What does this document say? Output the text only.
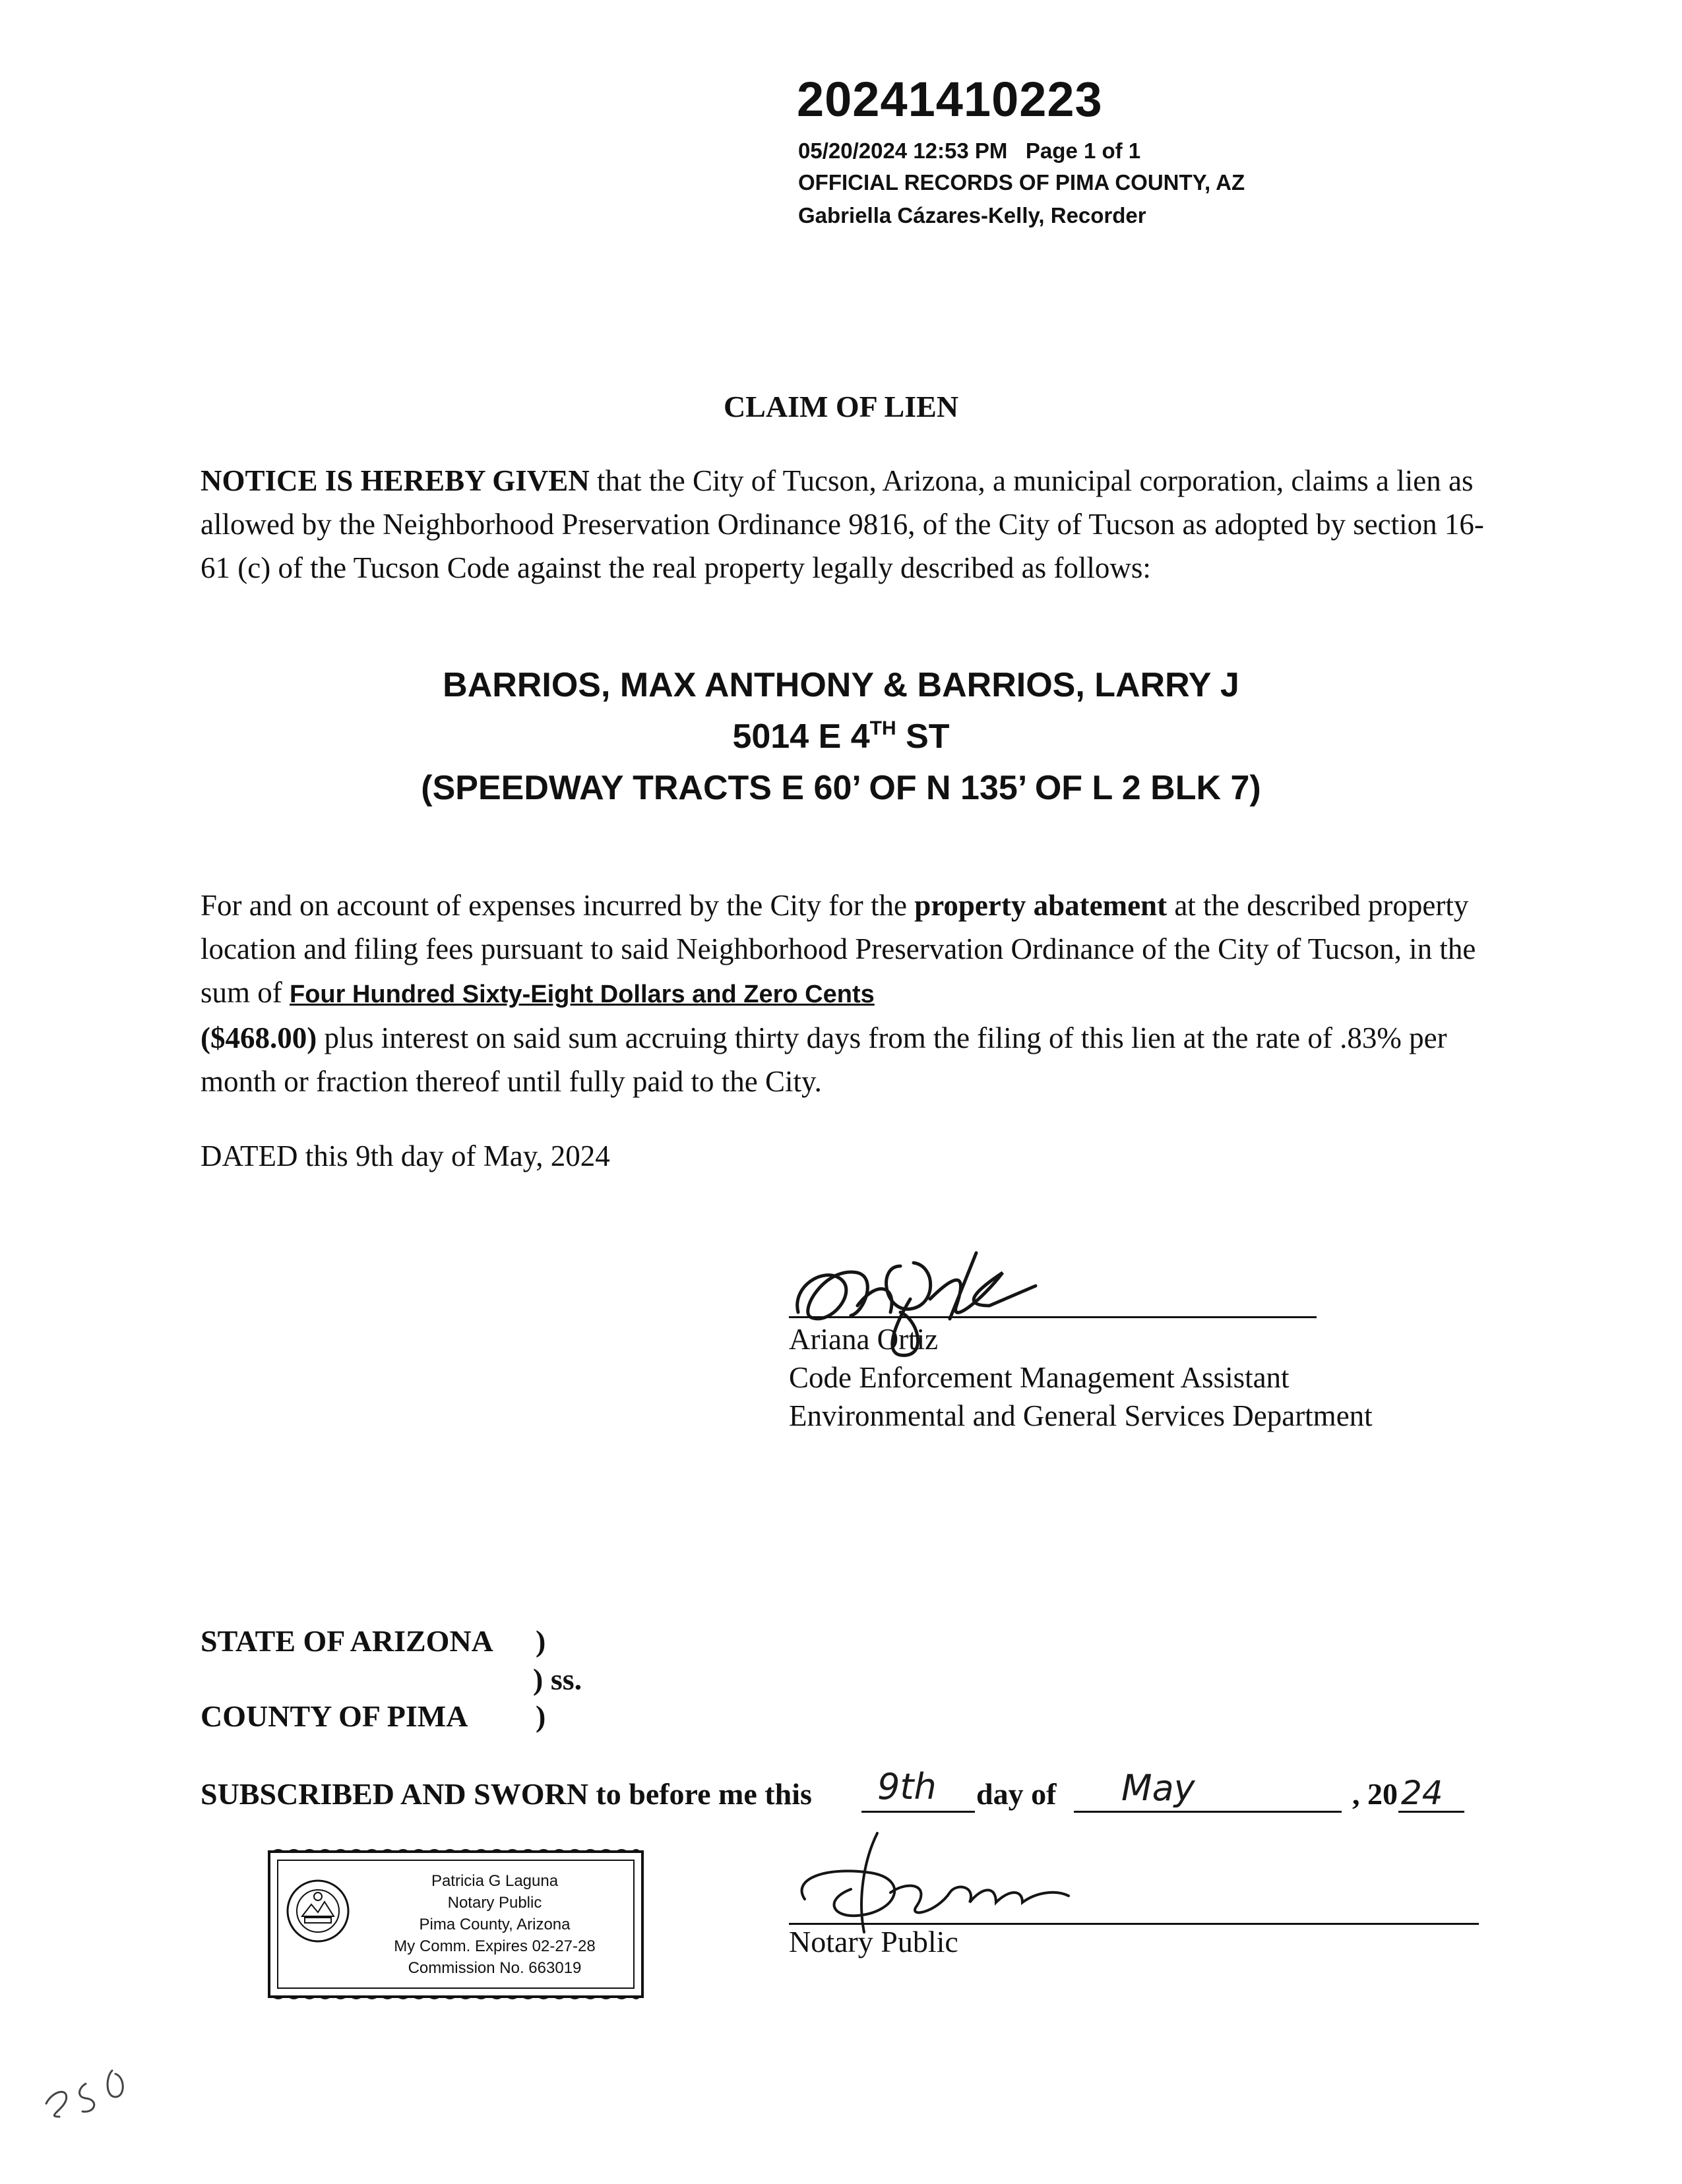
20241410223
05/20/2024 12:53 PM Page 1 of 1
OFFICIAL RECORDS OF PIMA COUNTY, AZ
Gabriella Cázares-Kelly, Recorder
CLAIM OF LIEN
NOTICE IS HEREBY GIVEN that the City of Tucson, Arizona, a municipal corporation, claims a lien as allowed by the Neighborhood Preservation Ordinance 9816, of the City of Tucson as adopted by section 16-61 (c) of the Tucson Code against the real property legally described as follows:
BARRIOS, MAX ANTHONY & BARRIOS, LARRY J
5014 E 4TH ST
(SPEEDWAY TRACTS E 60’ OF N 135’ OF L 2 BLK 7)
For and on account of expenses incurred by the City for the property abatement at the described property location and filing fees pursuant to said Neighborhood Preservation Ordinance of the City of Tucson, in the sum of Four Hundred Sixty-Eight Dollars and Zero Cents
($468.00) plus interest on said sum accruing thirty days from the filing of this lien at the rate of .83% per month or fraction thereof until fully paid to the City.
DATED this 9th day of May, 2024
Ariana Ortiz
Code Enforcement Management Assistant
Environmental and General Services Department
STATE OF ARIZONA )
) ss.
COUNTY OF PIMA )
SUBSCRIBED AND SWORN to before me this 9th day of May	, 20 24
Patricia G Laguna
Notary Public
Pima County, Arizona
My Comm. Expires 02-27-28
Commission No. 663019
Notary Public
